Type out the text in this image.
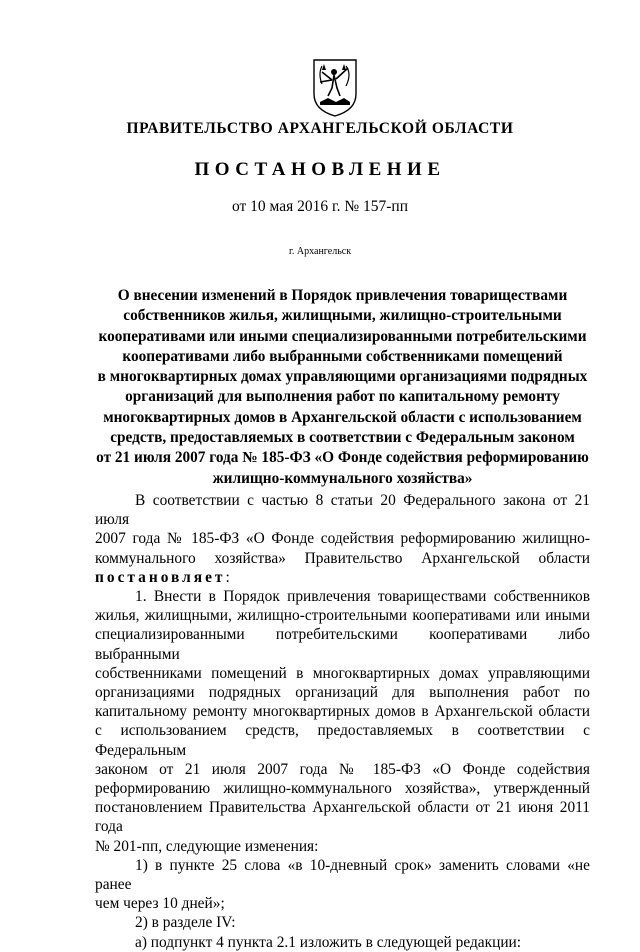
ПРАВИТЕЛЬСТВО АРХАНГЕЛЬСКОЙ ОБЛАСТИ
ПОСТАНОВЛЕНИЕ
от 10 мая 2016 г. № 157-пп
г. Архангельск
О внесении изменений в Порядок привлечения товариществами
собственников жилья, жилищными, жилищно-строительными
кооперативами или иными специализированными потребительскими
кооперативами либо выбранными собственниками помещений
в многоквартирных домах управляющими организациями подрядных
организаций для выполнения работ по капитальному ремонту
многоквартирных домов в Архангельской области с использованием
средств, предоставляемых в соответствии с Федеральным законом
от 21 июля 2007 года № 185-ФЗ «О Фонде содействия реформированию
жилищно-коммунального хозяйства»
В соответствии с частью 8 статьи 20 Федерального закона от 21 июля
2007 года № 185-ФЗ «О Фонде содействия реформированию жилищно-
коммунального хозяйства» Правительство Архангельской области
постановляет:
1. Внести в Порядок привлечения товариществами собственников
жилья, жилищными, жилищно-строительными кооперативами или иными
специализированными потребительскими кооперативами либо выбранными
собственниками помещений в многоквартирных домах управляющими
организациями подрядных организаций для выполнения работ по
капитальному ремонту многоквартирных домов в Архангельской области
с использованием средств, предоставляемых в соответствии с Федеральным
законом от 21 июля 2007 года № 185-ФЗ «О Фонде содействия
реформированию жилищно-коммунального хозяйства», утвержденный
постановлением Правительства Архангельской области от 21 июня 2011 года
№ 201-пп, следующие изменения:
1) в пункте 25 слова «в 10-дневный срок» заменить словами «не ранее
чем через 10 дней»;
2) в разделе IV:
а) подпункт 4 пункта 2.1 изложить в следующей редакции:
